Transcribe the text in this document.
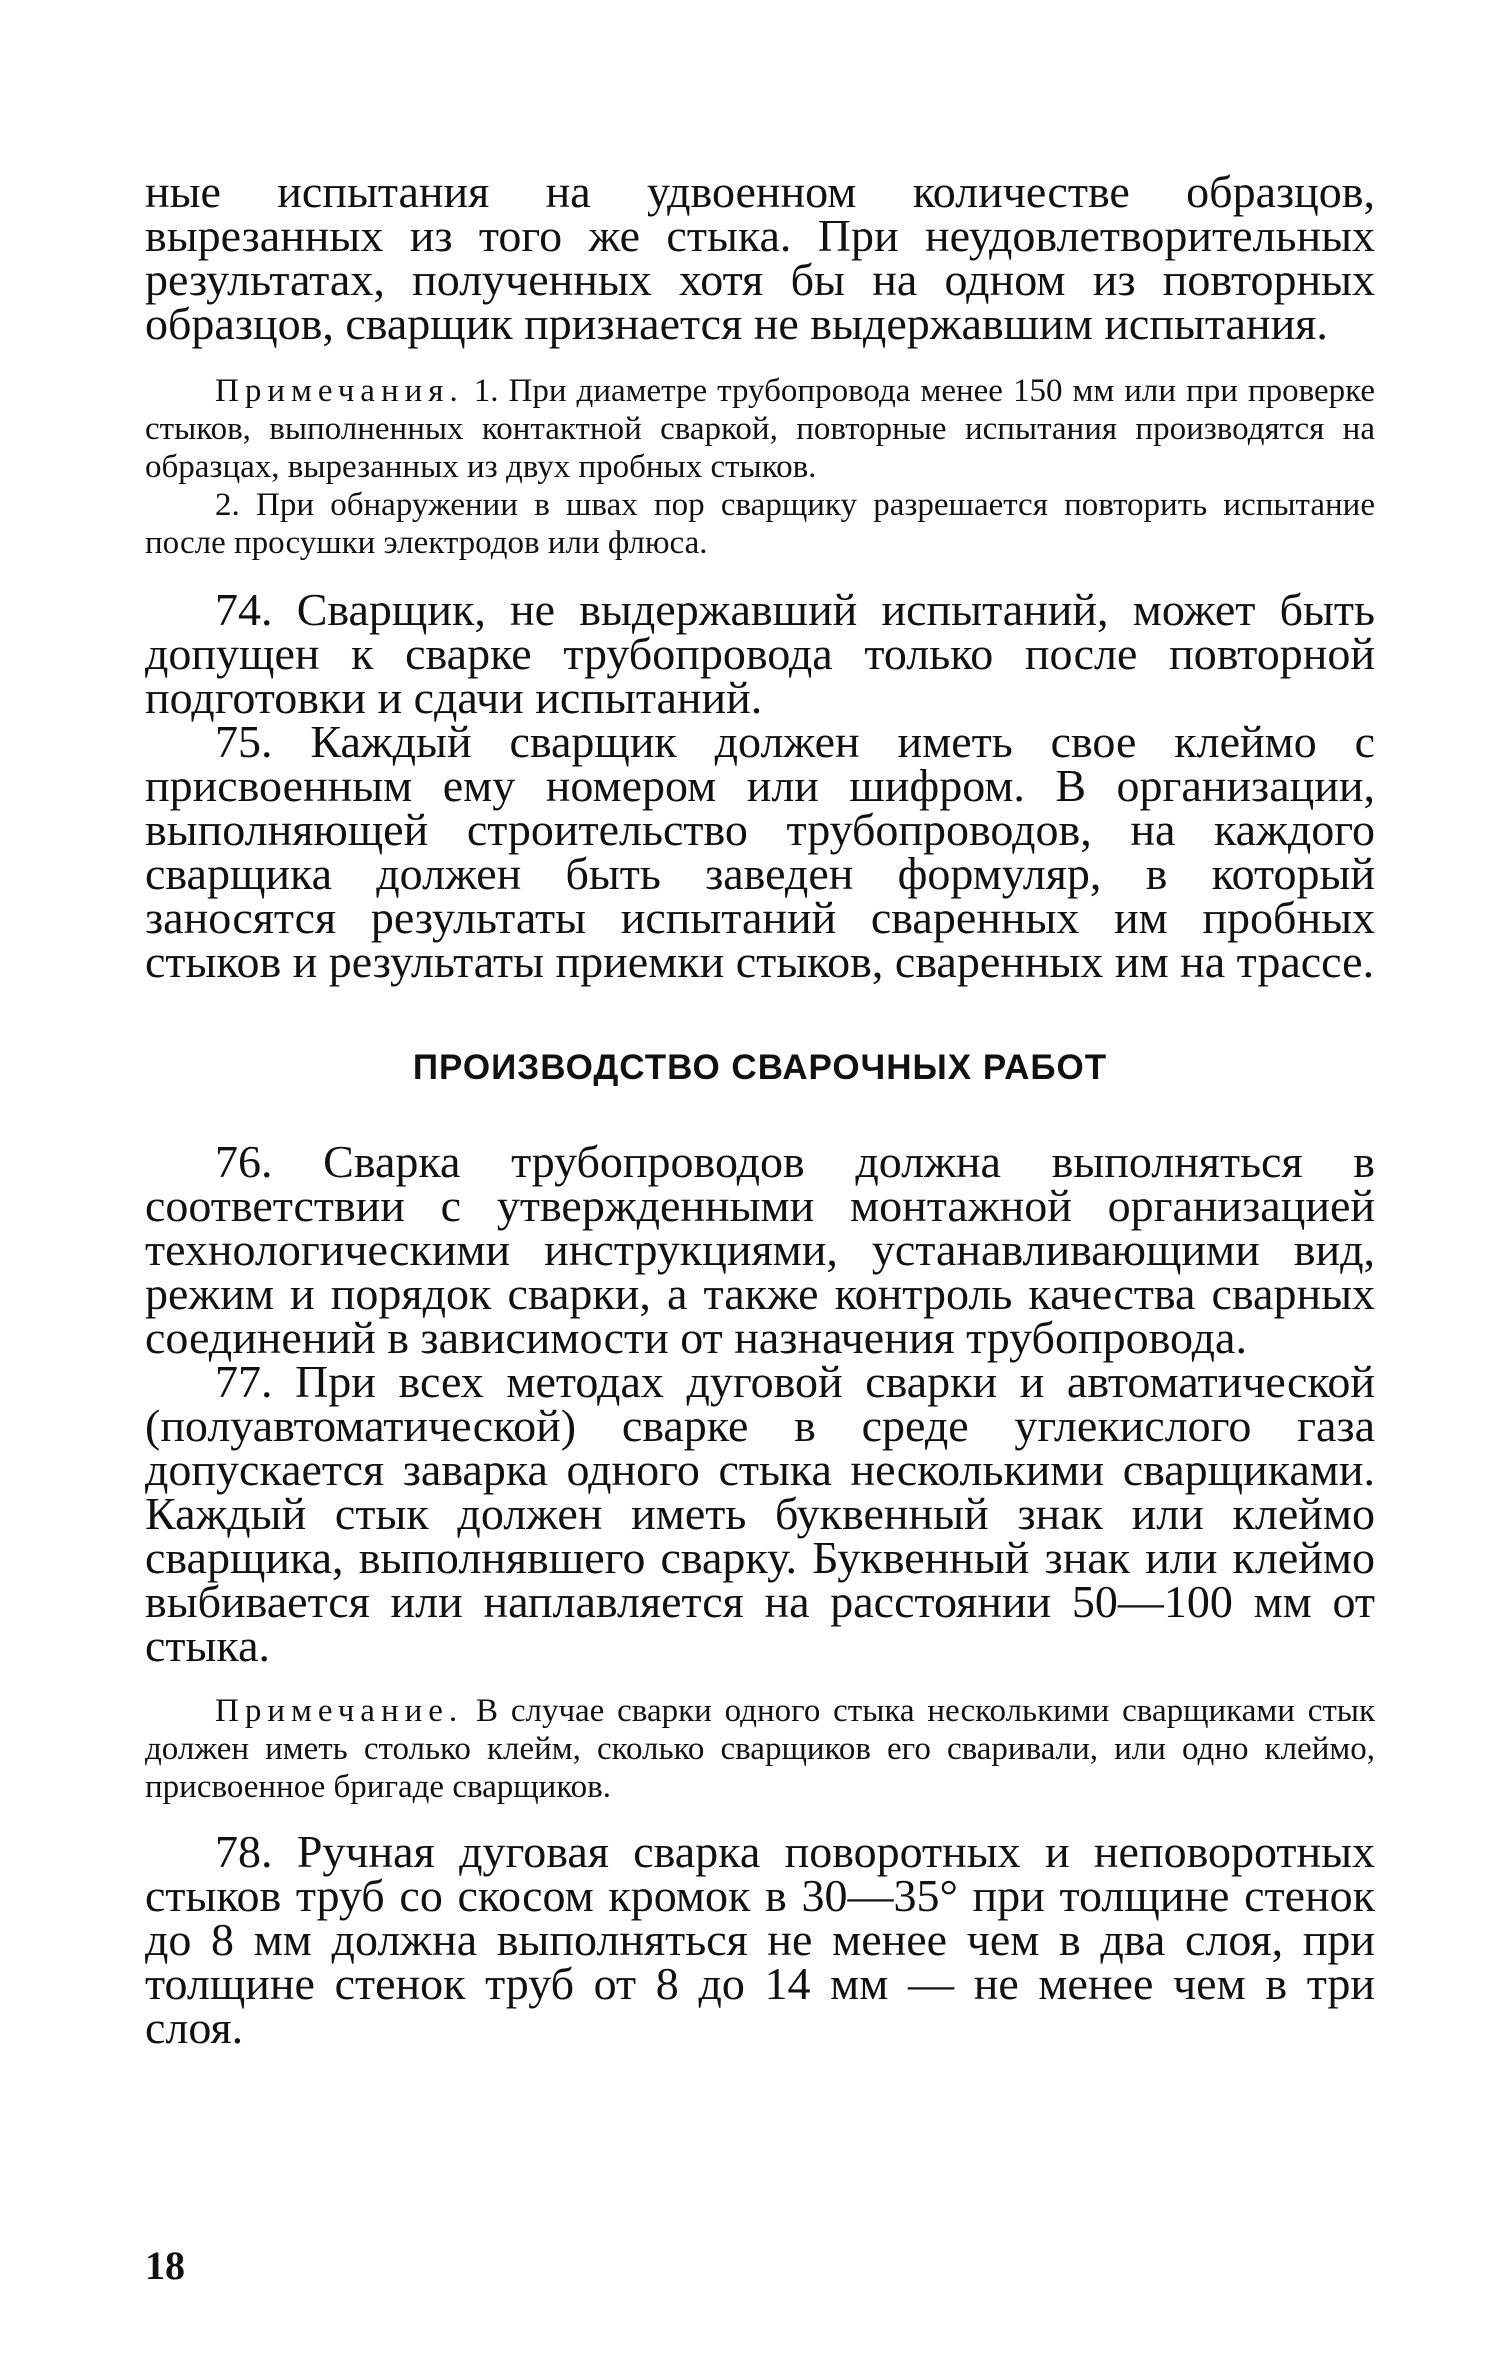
ные испытания на удвоенном количестве образцов, вырезанных из того же стыка. При неудовлетворительных результатах, полученных хотя бы на одном из повторных образцов, сварщик признается не выдержавшим испытания.

Примечания. 1. При диаметре трубопровода менее 150 мм или при проверке стыков, выполненных контактной сваркой, повторные испытания производятся на образцах, вырезанных из двух пробных стыков.

2. При обнаружении в швах пор сварщику разрешается повторить испытание после просушки электродов или флюса.

74. Сварщик, не выдержавший испытаний, может быть допущен к сварке трубопровода только после повторной подготовки и сдачи испытаний.

75. Каждый сварщик должен иметь свое клеймо с присвоенным ему номером или шифром. В организации, выполняющей строительство трубопроводов, на каждого сварщика должен быть заведен формуляр, в который заносятся результаты испытаний сваренных им пробных стыков и результаты приемки стыков, сваренных им на трассе.

ПРОИЗВОДСТВО СВАРОЧНЫХ РАБОТ

76. Сварка трубопроводов должна выполняться в соответствии с утвержденными монтажной организацией технологическими инструкциями, устанавливающими вид, режим и порядок сварки, а также контроль качества сварных соединений в зависимости от назначения трубопровода.

77. При всех методах дуговой сварки и автоматической (полуавтоматической) сварке в среде углекислого газа допускается заварка одного стыка несколькими сварщиками. Каждый стык должен иметь буквенный знак или клеймо сварщика, выполнявшего сварку. Буквенный знак или клеймо выбивается или наплавляется на расстоянии 50—100 мм от стыка.

Примечание. В случае сварки одного стыка несколькими сварщиками стык должен иметь столько клейм, сколько сварщиков его сваривали, или одно клеймо, присвоенное бригаде сварщиков.

78. Ручная дуговая сварка поворотных и неповоротных стыков труб со скосом кромок в 30—35° при толщине стенок до 8 мм должна выполняться не менее чем в два слоя, при толщине стенок труб от 8 до 14 мм — не менее чем в три слоя.

18
